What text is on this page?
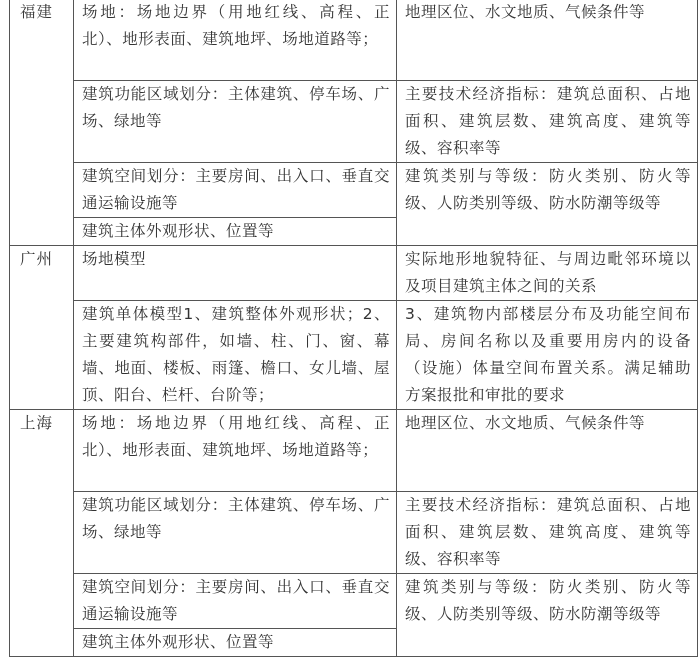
福建	场地：场地边界（用地红线、高程、正北）、地形表面、建筑地坪、场地道路等；	地理区位、水文地质、气候条件等
	建筑功能区域划分：主体建筑、停车场、广场、绿地等	主要技术经济指标：建筑总面积、占地面积、建筑层数、建筑高度、建筑等级、容积率等
	建筑空间划分：主要房间、出入口、垂直交通运输设施等	建筑类别与等级：防火类别、防火等级、人防类别等级、防水防潮等级等
	建筑主体外观形状、位置等	
广州	场地模型	实际地形地貌特征、与周边毗邻环境以及项目建筑主体之间的关系
	建筑单体模型1、建筑整体外观形状；2、主要建筑构部件，如墙、柱、门、窗、幕墙、地面、楼板、雨篷、檐口、女儿墙、屋顶、阳台、栏杆、台阶等；	3、建筑物内部楼层分布及功能空间布局、房间名称以及重要用房内的设备（设施）体量空间布置关系。满足辅助方案报批和审批的要求
上海	场地：场地边界（用地红线、高程、正北）、地形表面、建筑地坪、场地道路等；	地理区位、水文地质、气候条件等
	建筑功能区域划分：主体建筑、停车场、广场、绿地等	主要技术经济指标：建筑总面积、占地面积、建筑层数、建筑高度、建筑等级、容积率等
	建筑空间划分：主要房间、出入口、垂直交通运输设施等	建筑类别与等级：防火类别、防火等级、人防类别等级、防水防潮等级等
	建筑主体外观形状、位置等	
